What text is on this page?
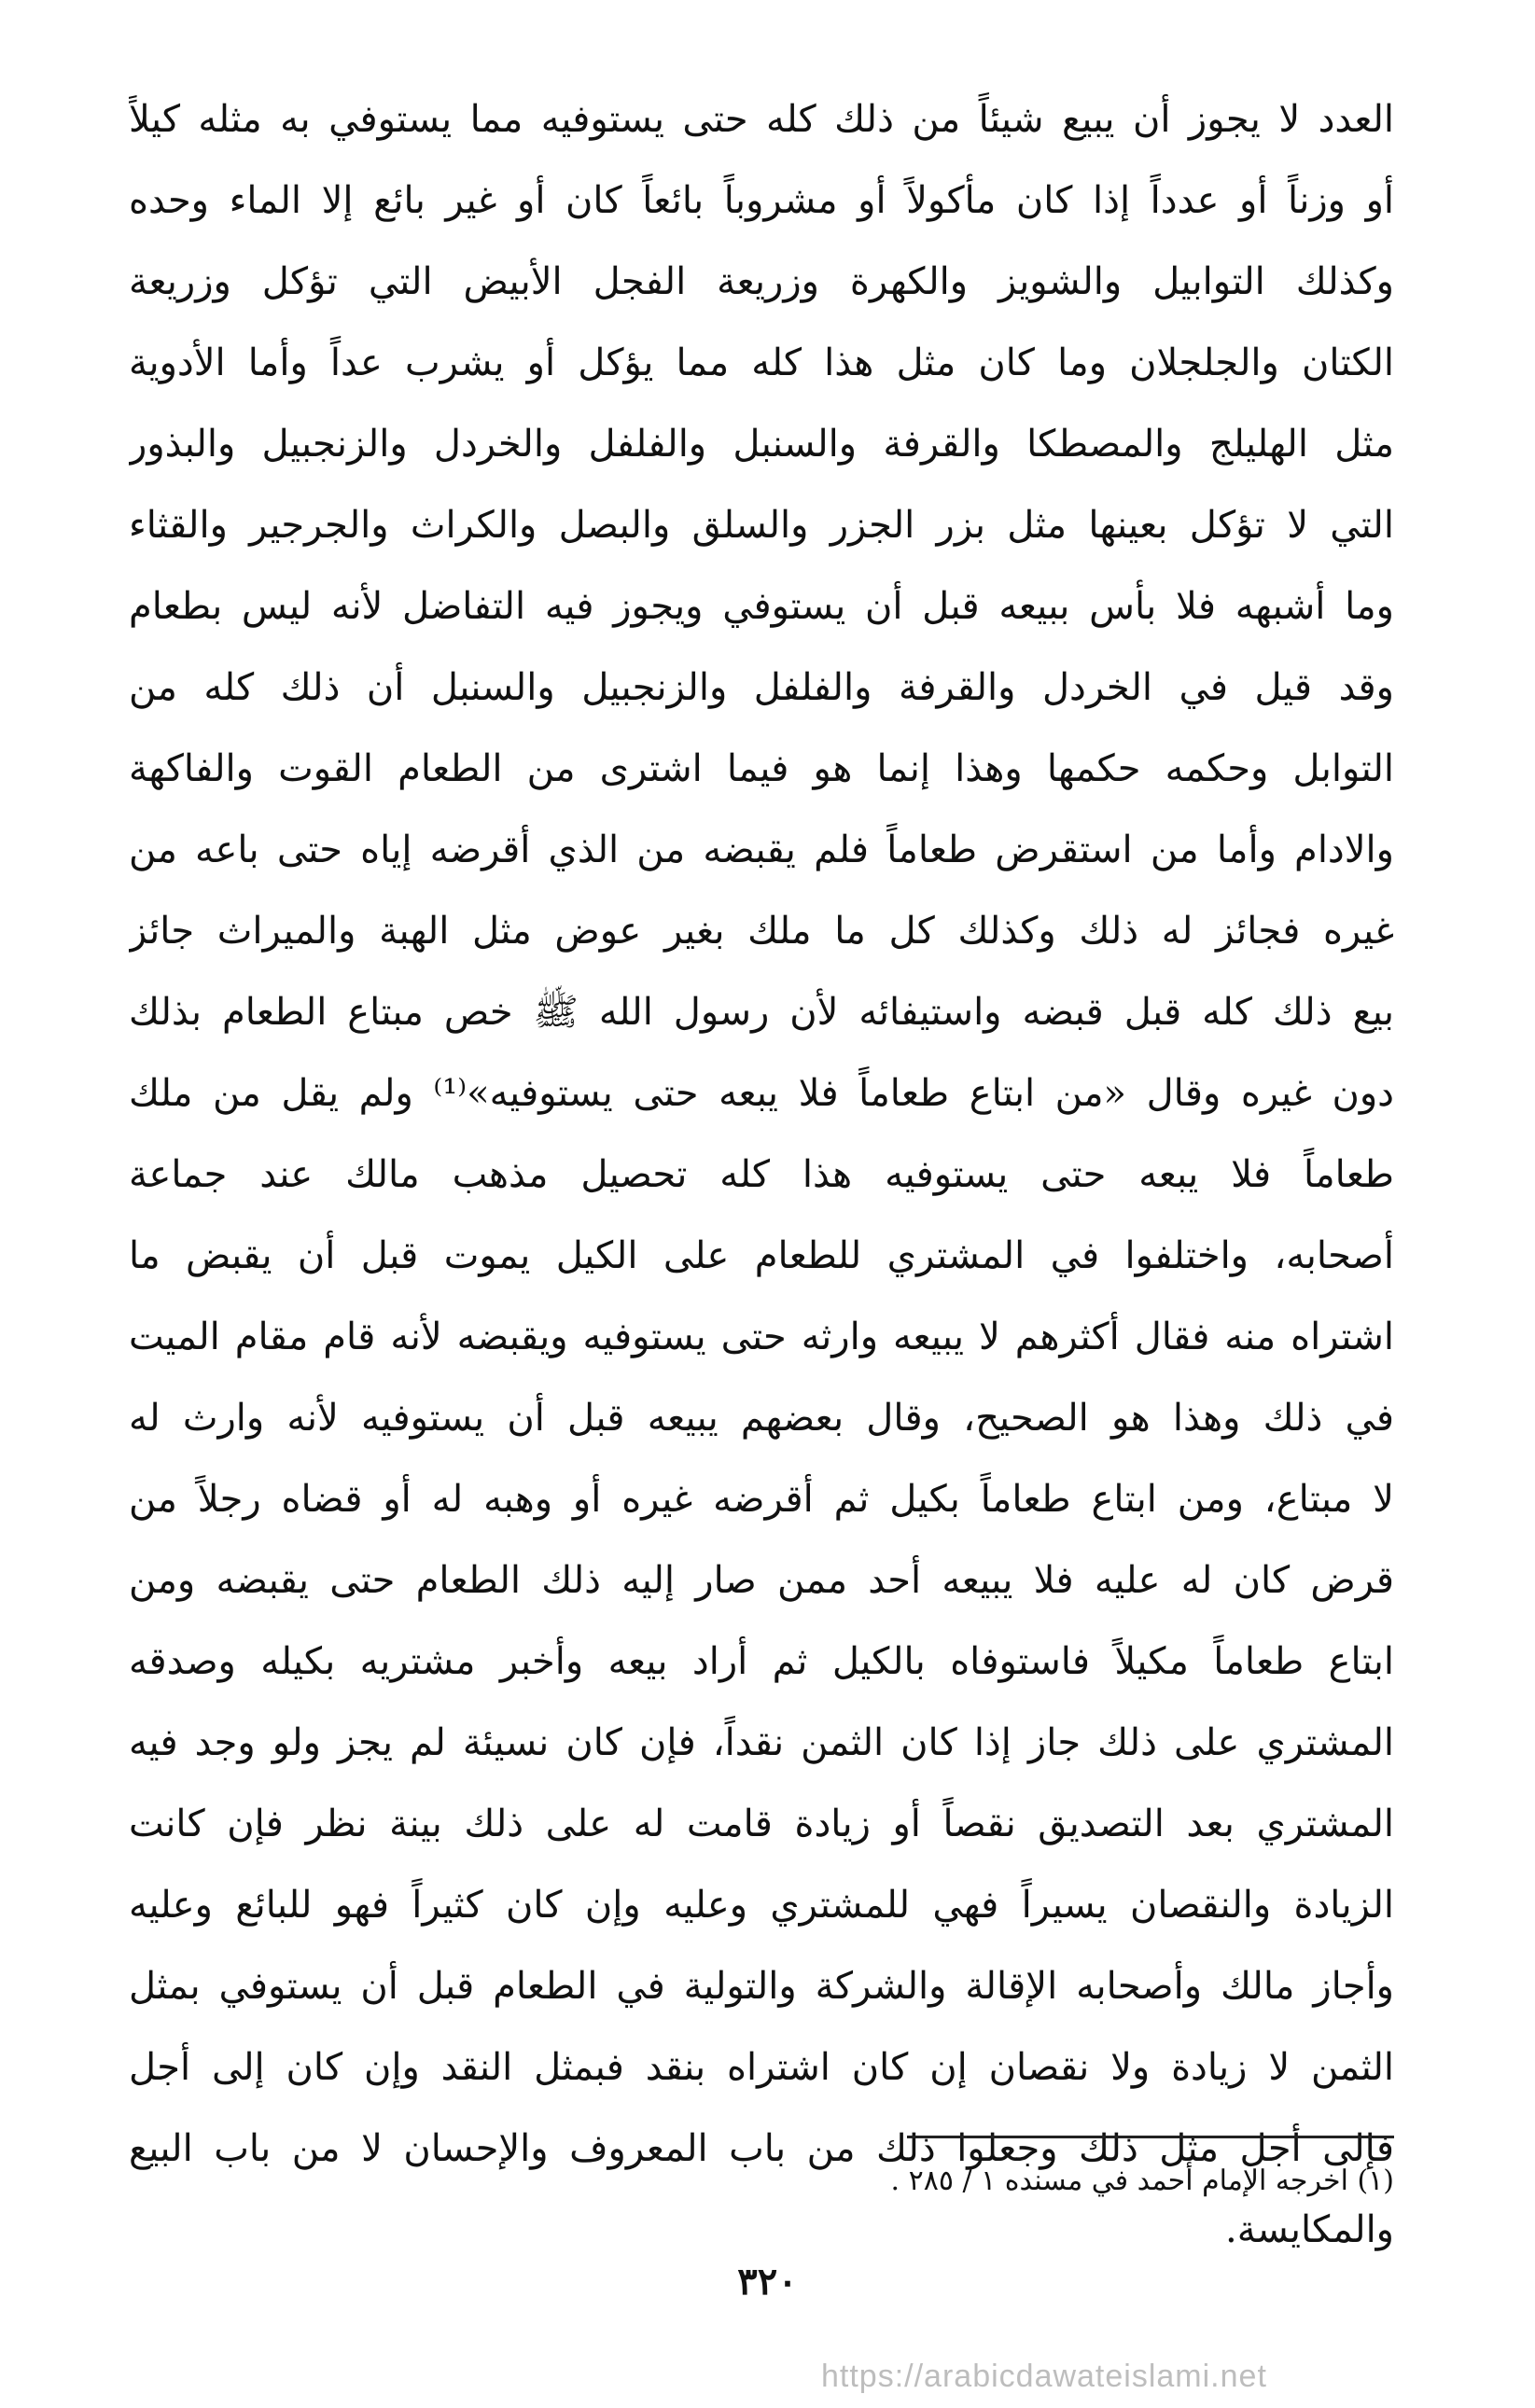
العدد لا يجوز أن يبيع شيئاً من ذلك كله حتى يستوفيه مما يستوفي به مثله كيلاً
أو وزناً أو عدداً إذا كان مأكولاً أو مشروباً بائعاً كان أو غير بائع إلا الماء وحده
وكذلك التوابيل والشويز والكهرة وزريعة الفجل الأبيض التي تؤكل وزريعة
الكتان والجلجلان وما كان مثل هذا كله مما يؤكل أو يشرب عداً وأما الأدوية
مثل الهليلج والمصطكا والقرفة والسنبل والفلفل والخردل والزنجبيل والبذور
التي لا تؤكل بعينها مثل بزر الجزر والسلق والبصل والكراث والجرجير والقثاء
وما أشبهه فلا بأس ببيعه قبل أن يستوفي ويجوز فيه التفاضل لأنه ليس بطعام
وقد قيل في الخردل والقرفة والفلفل والزنجبيل والسنبل أن ذلك كله من
التوابل وحكمه حكمها وهذا إنما هو فيما اشترى من الطعام القوت والفاكهة
والادام وأما من استقرض طعاماً فلم يقبضه من الذي أقرضه إياه حتى باعه من
غيره فجائز له ذلك وكذلك كل ما ملك بغير عوض مثل الهبة والميراث جائز
بيع ذلك كله قبل قبضه واستيفائه لأن رسول الله ﷺ خص مبتاع الطعام بذلك
دون غيره وقال «من ابتاع طعاماً فلا يبعه حتى يستوفيه»⁽¹⁾ ولم يقل من ملك
طعاماً فلا يبعه حتى يستوفيه هذا كله تحصيل مذهب مالك عند جماعة
أصحابه، واختلفوا في المشتري للطعام على الكيل يموت قبل أن يقبض ما
اشتراه منه فقال أكثرهم لا يبيعه وارثه حتى يستوفيه ويقبضه لأنه قام مقام الميت
في ذلك وهذا هو الصحيح، وقال بعضهم يبيعه قبل أن يستوفيه لأنه وارث له
لا مبتاع، ومن ابتاع طعاماً بكيل ثم أقرضه غيره أو وهبه له أو قضاه رجلاً من
قرض كان له عليه فلا يبيعه أحد ممن صار إليه ذلك الطعام حتى يقبضه ومن
ابتاع طعاماً مكيلاً فاستوفاه بالكيل ثم أراد بيعه وأخبر مشتريه بكيله وصدقه
المشتري على ذلك جاز إذا كان الثمن نقداً، فإن كان نسيئة لم يجز ولو وجد فيه
المشتري بعد التصديق نقصاً أو زيادة قامت له على ذلك بينة نظر فإن كانت
الزيادة والنقصان يسيراً فهي للمشتري وعليه وإن كان كثيراً فهو للبائع وعليه
وأجاز مالك وأصحابه الإقالة والشركة والتولية في الطعام قبل أن يستوفي بمثل
الثمن لا زيادة ولا نقصان إن كان اشتراه بنقد فبمثل النقد وإن كان إلى أجل
فإلى أجل مثل ذلك وجعلوا ذلك من باب المعروف والإحسان لا من باب البيع
والمكايسة.
(١) اخرجه الإمام أحمد في مسنده ١ / ٢٨٥ .
٣٢٠
https://arabicdawateislami.net
